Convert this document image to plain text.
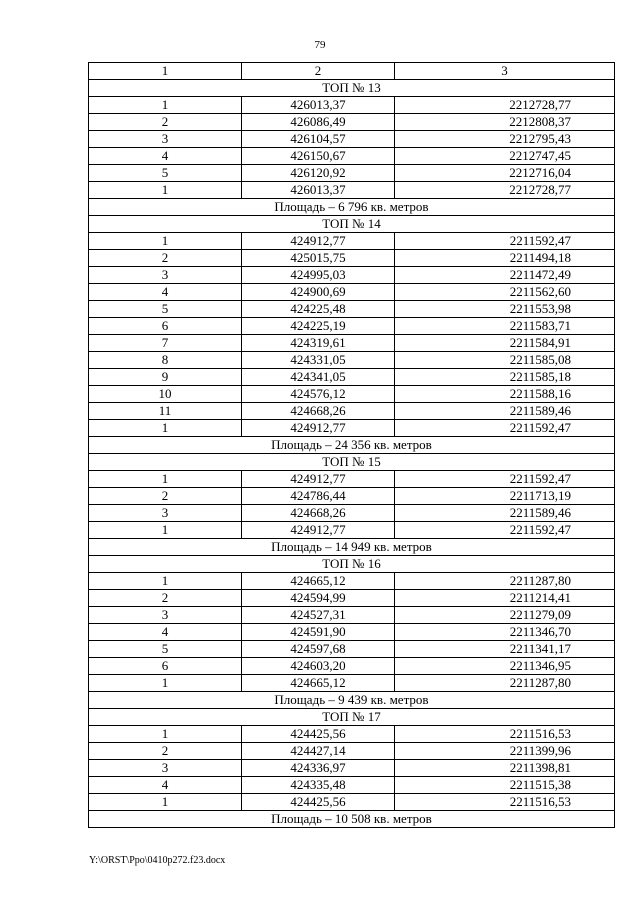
79
1	2	3
ТОП № 13		
1	426013,37	2212728,77
2	426086,49	2212808,37
3	426104,57	2212795,43
4	426150,67	2212747,45
5	426120,92	2212716,04
1	426013,37	2212728,77
Площадь – 6 796 кв. метров		
ТОП № 14		
1	424912,77	2211592,47
2	425015,75	2211494,18
3	424995,03	2211472,49
4	424900,69	2211562,60
5	424225,48	2211553,98
6	424225,19	2211583,71
7	424319,61	2211584,91
8	424331,05	2211585,08
9	424341,05	2211585,18
10	424576,12	2211588,16
11	424668,26	2211589,46
1	424912,77	2211592,47
Площадь – 24 356 кв. метров		
ТОП № 15		
1	424912,77	2211592,47
2	424786,44	2211713,19
3	424668,26	2211589,46
1	424912,77	2211592,47
Площадь – 14 949 кв. метров		
ТОП № 16		
1	424665,12	2211287,80
2	424594,99	2211214,41
3	424527,31	2211279,09
4	424591,90	2211346,70
5	424597,68	2211341,17
6	424603,20	2211346,95
1	424665,12	2211287,80
Площадь – 9 439 кв. метров		
ТОП № 17		
1	424425,56	2211516,53
2	424427,14	2211399,96
3	424336,97	2211398,81
4	424335,48	2211515,38
1	424425,56	2211516,53
Площадь – 10 508 кв. метров		
Y:\ORST\Ppo\0410p272.f23.docx
